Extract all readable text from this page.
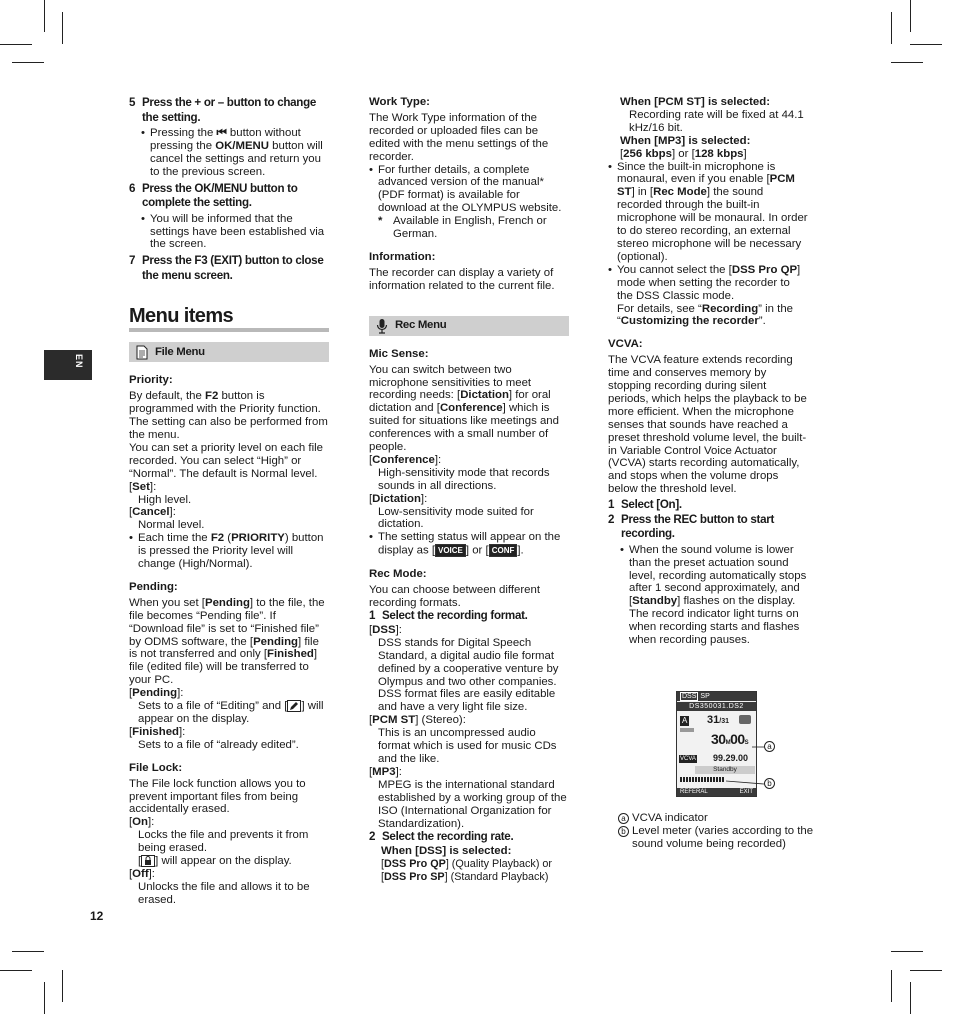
EN
5 Press the + or – button to change the setting.
• Pressing the ⏮ button without pressing the OK/MENU button will cancel the settings and return you to the previous screen.
6 Press the OK/MENU button to complete the setting.
• You will be informed that the settings have been established via the screen.
7 Press the F3 (EXIT) button to close the menu screen.
Menu items
File Menu
Priority:
By default, the F2 button is programmed with the Priority function. The setting can also be performed from the menu.
You can set a priority level on each file recorded. You can select “High” or “Normal”. The default is Normal level.
[Set]:
High level.
[Cancel]:
Normal level.
• Each time the F2 (PRIORITY) button is pressed the Priority level will change (High/Normal).
Pending:
When you set [Pending] to the file, the file becomes “Pending file”. If “Download file” is set to “Finished file” by ODMS software, the [Pending] file is not transferred and only [Finished] file (edited file) will be transferred to your PC.
[Pending]:
Sets to a file of “Editing” and [ ] will appear on the display.
[Finished]:
Sets to a file of “already edited”.
File Lock:
The File lock function allows you to prevent important files from being accidentally erased.
[On]:
Locks the file and prevents it from being erased.
[ ] will appear on the display.
[Off]:
Unlocks the file and allows it to be erased.
Work Type:
The Work Type information of the recorded or uploaded files can be edited with the menu settings of the recorder.
• For further details, a complete advanced version of the manual* (PDF format) is available for download at the OLYMPUS website.
* Available in English, French or German.
Information:
The recorder can display a variety of information related to the current file.
Rec Menu
Mic Sense:
You can switch between two microphone sensitivities to meet recording needs: [Dictation] for oral dictation and [Conference] which is suited for situations like meetings and conferences with a small number of people.
[Conference]:
High-sensitivity mode that records sounds in all directions.
[Dictation]:
Low-sensitivity mode suited for dictation.
• The setting status will appear on the display as [ VOICE ] or [ CONF ].
Rec Mode:
You can choose between different recording formats.
1 Select the recording format.
[DSS]:
DSS stands for Digital Speech Standard, a digital audio file format defined by a cooperative venture by Olympus and two other companies. DSS format files are easily editable and have a very light file size.
[PCM ST] (Stereo):
This is an uncompressed audio format which is used for music CDs and the like.
[MP3]:
MPEG is the international standard established by a working group of the ISO (International Organization for Standardization).
2 Select the recording rate.
When [DSS] is selected:
[DSS Pro QP] (Quality Playback) or
[DSS Pro SP] (Standard Playback)
When [PCM ST] is selected:
Recording rate will be fixed at 44.1 kHz/16 bit.
When [MP3] is selected:
[256 kbps] or [128 kbps]
• Since the built-in microphone is monaural, even if you enable [PCM ST] in [Rec Mode] the sound recorded through the built-in microphone will be monaural. In order to do stereo recording, an external stereo microphone will be necessary (optional).
• You cannot select the [DSS Pro QP] mode when setting the recorder to the DSS Classic mode.
For details, see “Recording” in the “Customizing the recorder”.
VCVA:
The VCVA feature extends recording time and conserves memory by stopping recording during silent periods, which helps the playback to be more efficient. When the microphone senses that sounds have reached a preset threshold volume level, the built-in Variable Control Voice Actuator (VCVA) starts recording automatically, and stops when the volume drops below the threshold level.
1 Select [On].
2 Press the REC button to start recording.
• When the sound volume is lower than the preset actuation sound level, recording automatically stops after 1 second approximately, and [Standby] flashes on the display. The record indicator light turns on when recording starts and flashes when recording pauses.
DSS SP
DS350031.DS2
A 31/31
30M00S
VCVA 99.29.00
Standby
REFERAL	EXIT
a
b
a VCVA indicator
b Level meter (varies according to the sound volume being recorded)
12
